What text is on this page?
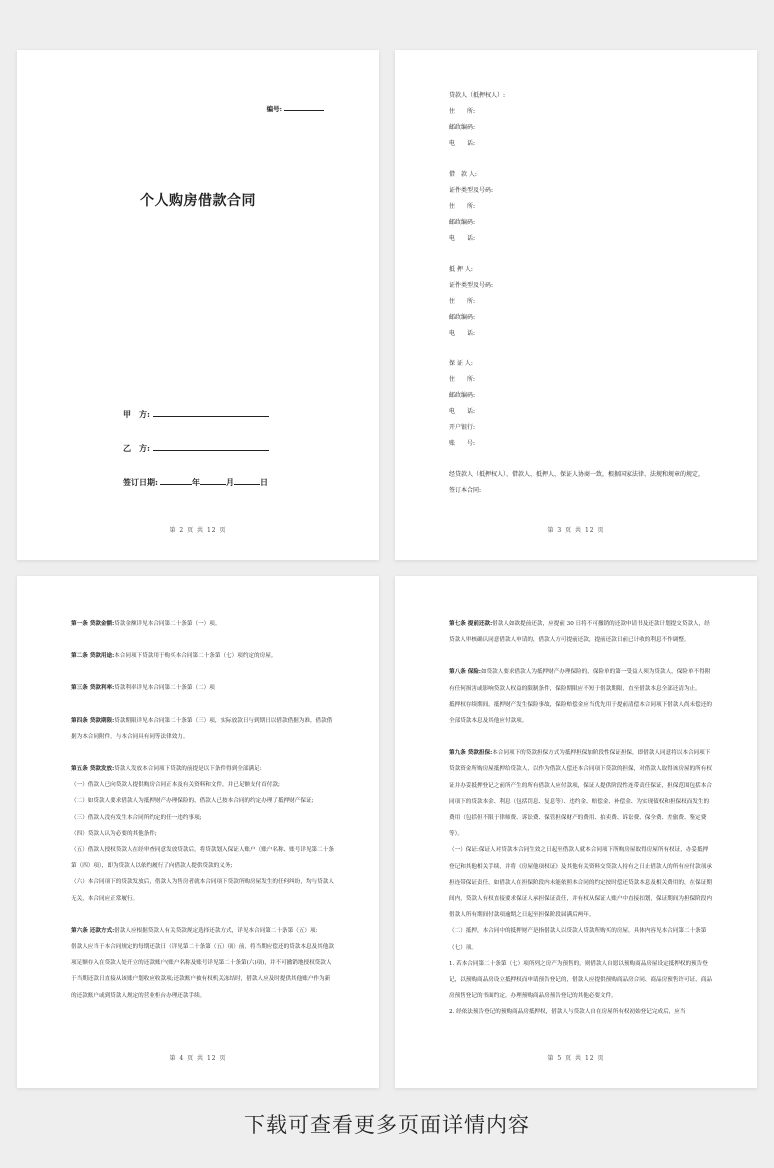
编号:
个人购房借款合同
甲　方:
乙　方:
签订日期:	年	月	日
第 2 页 共 12 页
贷款人（抵押权人）:
住　　所:
邮政编码:
电　　话:
借　款 人:
证件类型及号码:
住　　所:
邮政编码:
电　　话:
抵 押 人:
证件类型及号码:
住　　所:
邮政编码:
电　　话:
保 证 人:
住　　所:
邮政编码:
电　　话:
开户银行:
账　　号:
经贷款人（抵押权人）、借款人、抵押人、保证人协商一致，根据国家法律、法规和规章的规定，签订本合同:
第 3 页 共 12 页

第一条 贷款金额:贷款金额详见本合同第二十条第（一）项。

第二条 贷款用途:本合同项下贷款用于购买本合同第二十条第（七）项约定的房屋。

第三条 贷款利率:贷款利率详见本合同第二十条第（二）项

第四条 贷款期限:贷款期限详见本合同第二十条第（三）项，实际放款日与到期日以借款借据为准，借款借据为本合同附件，与本合同具有同等法律效力。

第五条 贷款发放:贷款人发放本合同项下贷款的前提是以下条件得到全部满足:

（一）借款人已向贷款人提供购房合同正本及有关资料和文件，并已足额支付首付款;

（二）如贷款人要求借款人为抵押财产办理保险的，借款人已按本合同的约定办理了抵押财产保证;

（三）借款人没有发生本合同所约定的任一违约事项;

（四）贷款人认为必要的其他条件;

（五）借款人授权贷款人在经审查同意发放贷款后，将贷款划入保证人账户（账户名称、账号详见第二十条第（四）项），即为贷款人以依约履行了向借款人提供贷款的义务;

（六）本合同项下的贷款发放后，借款人为售房者就本合同项下贷款所购房屋发生的任何纠纷，均与贷款人无关，本合同应正常履行。

第六条 还款方式:借款人应根据贷款人有关贷款规定选择还款方式，详见本合同第二十条第（五）项:

借款人应当于本合同规定的每期还款日（详见第二十条第（五）项）前，将当期应偿还的贷款本息及其他款项足额存入在贷款人处开立的还款账户(账户名称及账号详见第二十条第(六)项)，并不可撤销地授权贷款人于当期还款日直接从该账户划收应收款项;还款账户被有权机关冻结时，借款人应及时提供其他账户作为新的还款账户或到贷款人规定的营业柜台办理还款手续。

第 4 页 共 12 页

第七条 提前还款:借款人如欲提前还款，应提前 30 日将不可撤销的还款申请书及还款计划提交贷款人，经贷款人审核确认同意借款人申请的，借款人方可提前还款，提前还款日前已计收的利息不作调整。

第八条 保险:如贷款人要求借款人为抵押财产办理保险的，保险单的第一受益人须为贷款人，保险单不得附有任何损害或影响贷款人权益的限制条件，保险期限应不短于借款期限，直至借款本息全部还清为止。

抵押权存续期间，抵押财产发生保险事故，保险赔偿金应当优先用于提前清偿本合同项下借款人尚未偿还的全部贷款本息及其他应付款项。

第九条 贷款担保:本合同项下的贷款担保方式为抵押担保加阶段性保证担保，即借款人同意将以本合同项下贷款资金所购房屋抵押给贷款人，以作为借款人偿还本合同项下贷款的担保，对借款人取得该房屋的所有权证并办妥抵押登记之前所产生的所有借款人应付款项，保证人提供阶段性连带责任保证，担保范围包括本合同项下的贷款本金、利息（包括罚息、复息等）、违约金、赔偿金、补偿金、为实现债权和担保权而发生的费用（包括但不限于律师费、诉讼费、保管担保财产的费用、拍卖费、诉讼费、保全费、差旅费、鉴定费等）。

（一）保证:保证人对贷款本合同生效之日起至借款人就本合同项下所购房屋取得房屋所有权证，办妥抵押登记和其他相关手续，并将《房屋他项权证》及其他有关资料交贷款人持有之日止借款人的所有应付款项承担连带保证责任，如借款人在担保阶段内未能依照本合同的约定按时偿还贷款本息及相关费用的，在保证期间内，贷款人有权直接要求保证人承担保证责任，并有权从保证人账户中直接扣划，保证期间为担保阶段内借款人所有期间付款项逾期之日起至担保阶段届满后两年。

（二）抵押，本合同中的抵押财产是指借款人以贷款人贷款所购买的房屋，具体内容见本合同第二十条第（七）项。

1. 若本合同第二十条第（七）项所列之房产为预售的，则借款人自愿以预购商品房屋设定抵押权的预告登记，以预购商品房设立抵押权而申请预告登记的，借款人应提供预购商品房合同、商品房预售许可证、商品房预售登记的书面约定，办理预购商品房预告登记的其他必要文件。

2. 经依法预告登记的预购商品房抵押权，借款人与贷款人自在房屋所有权初始登记完成后，应当

第 5 页 共 12 页
下载可查看更多页面详情内容
